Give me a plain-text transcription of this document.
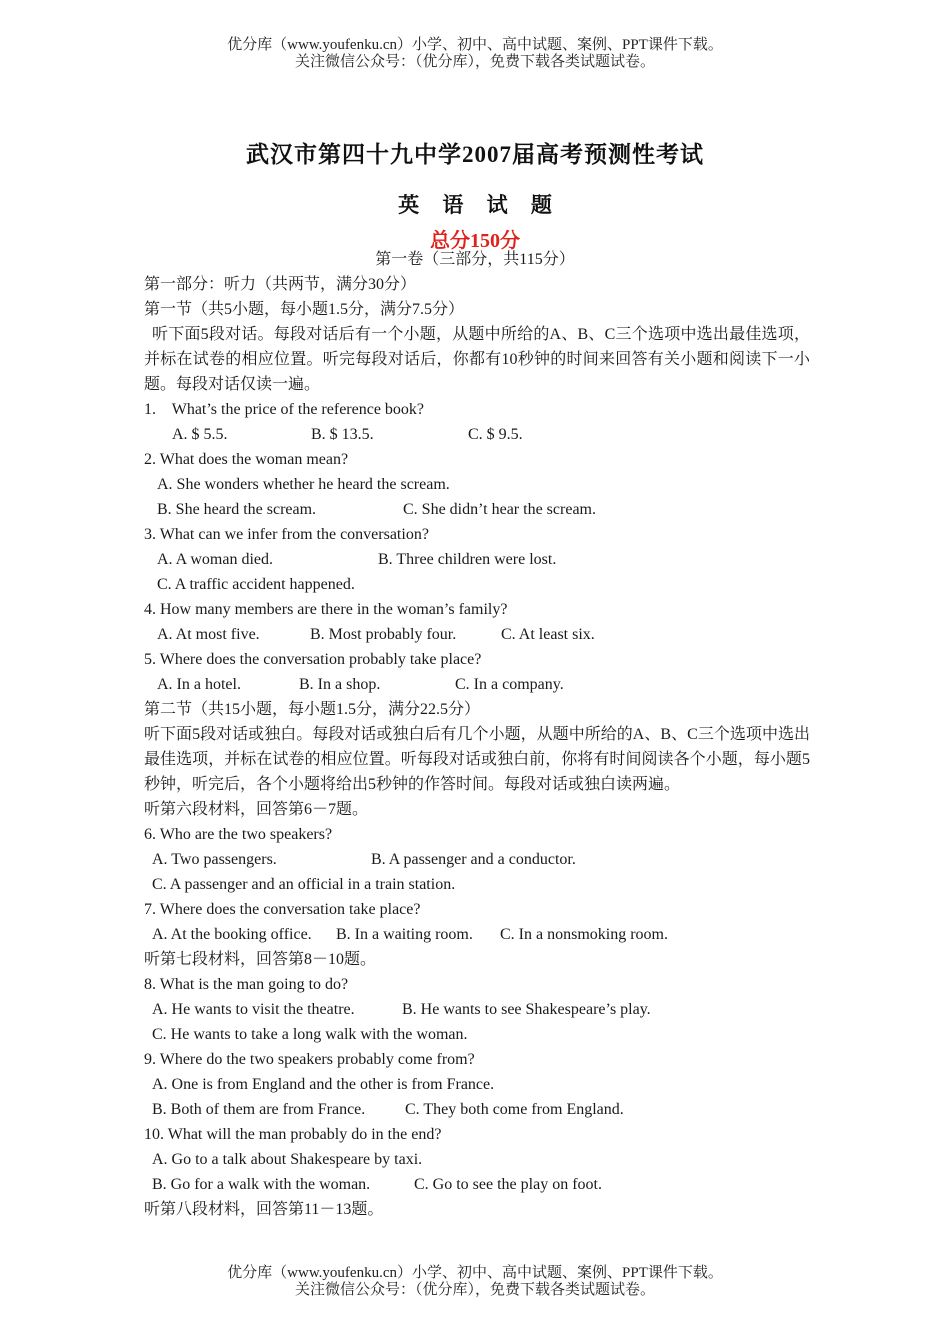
优分库（www.youfenku.cn）小学、初中、高中试题、案例、PPT课件下载。
关注微信公众号：（优分库），免费下载各类试题试卷。
武汉市第四十九中学2007届高考预测性考试
英 语 试 题
总分150分
第一卷（三部分，共115分）
第一部分：听力（共两节，满分30分）
第一节（共5小题，每小题1.5分，满分7.5分）
听下面5段对话。每段对话后有一个小题，从题中所给的A、B、C三个选项中选出最佳选项，并标在试卷的相应位置。听完每段对话后，你都有10秒钟的时间来回答有关小题和阅读下一小题。每段对话仅读一遍。
1.    What’s the price of the reference book?
A. $ 5.5.	B. $ 13.5.	C. $ 9.5.
2. What does the woman mean?
A. She wonders whether he heard the scream.
B. She heard the scream.	C. She didn’t hear the scream.
3. What can we infer from the conversation?
A. A woman died.	B. Three children were lost.
C. A traffic accident happened.
4. How many members are there in the woman’s family?
A. At most five.	B. Most probably four.	C. At least six.
5. Where does the conversation probably take place?
A. In a hotel.	B. In a shop.	C. In a company.
第二节（共15小题，每小题1.5分，满分22.5分）
听下面5段对话或独白。每段对话或独白后有几个小题，从题中所给的A、B、C三个选项中选出最佳选项，并标在试卷的相应位置。听每段对话或独白前，你将有时间阅读各个小题，每小题5秒钟，听完后，各个小题将给出5秒钟的作答时间。每段对话或独白读两遍。
听第六段材料，回答第6－7题。
6. Who are the two speakers?
A. Two passengers.	B. A passenger and a conductor.
C. A passenger and an official in a train station.
7. Where does the conversation take place?
A. At the booking office. B. In a waiting room. C. In a nonsmoking room.
听第七段材料，回答第8－10题。
8. What is the man going to do?
A. He wants to visit the theatre.	B. He wants to see Shakespeare’s play.
C. He wants to take a long walk with the woman.
9. Where do the two speakers probably come from?
A. One is from England and the other is from France.
B. Both of them are from France. C. They both come from England.
10. What will the man probably do in the end?
A. Go to a talk about Shakespeare by taxi.
B. Go for a walk with the woman.	C. Go to see the play on foot.
听第八段材料，回答第11－13题。
优分库（www.youfenku.cn）小学、初中、高中试题、案例、PPT课件下载。
关注微信公众号：（优分库），免费下载各类试题试卷。
